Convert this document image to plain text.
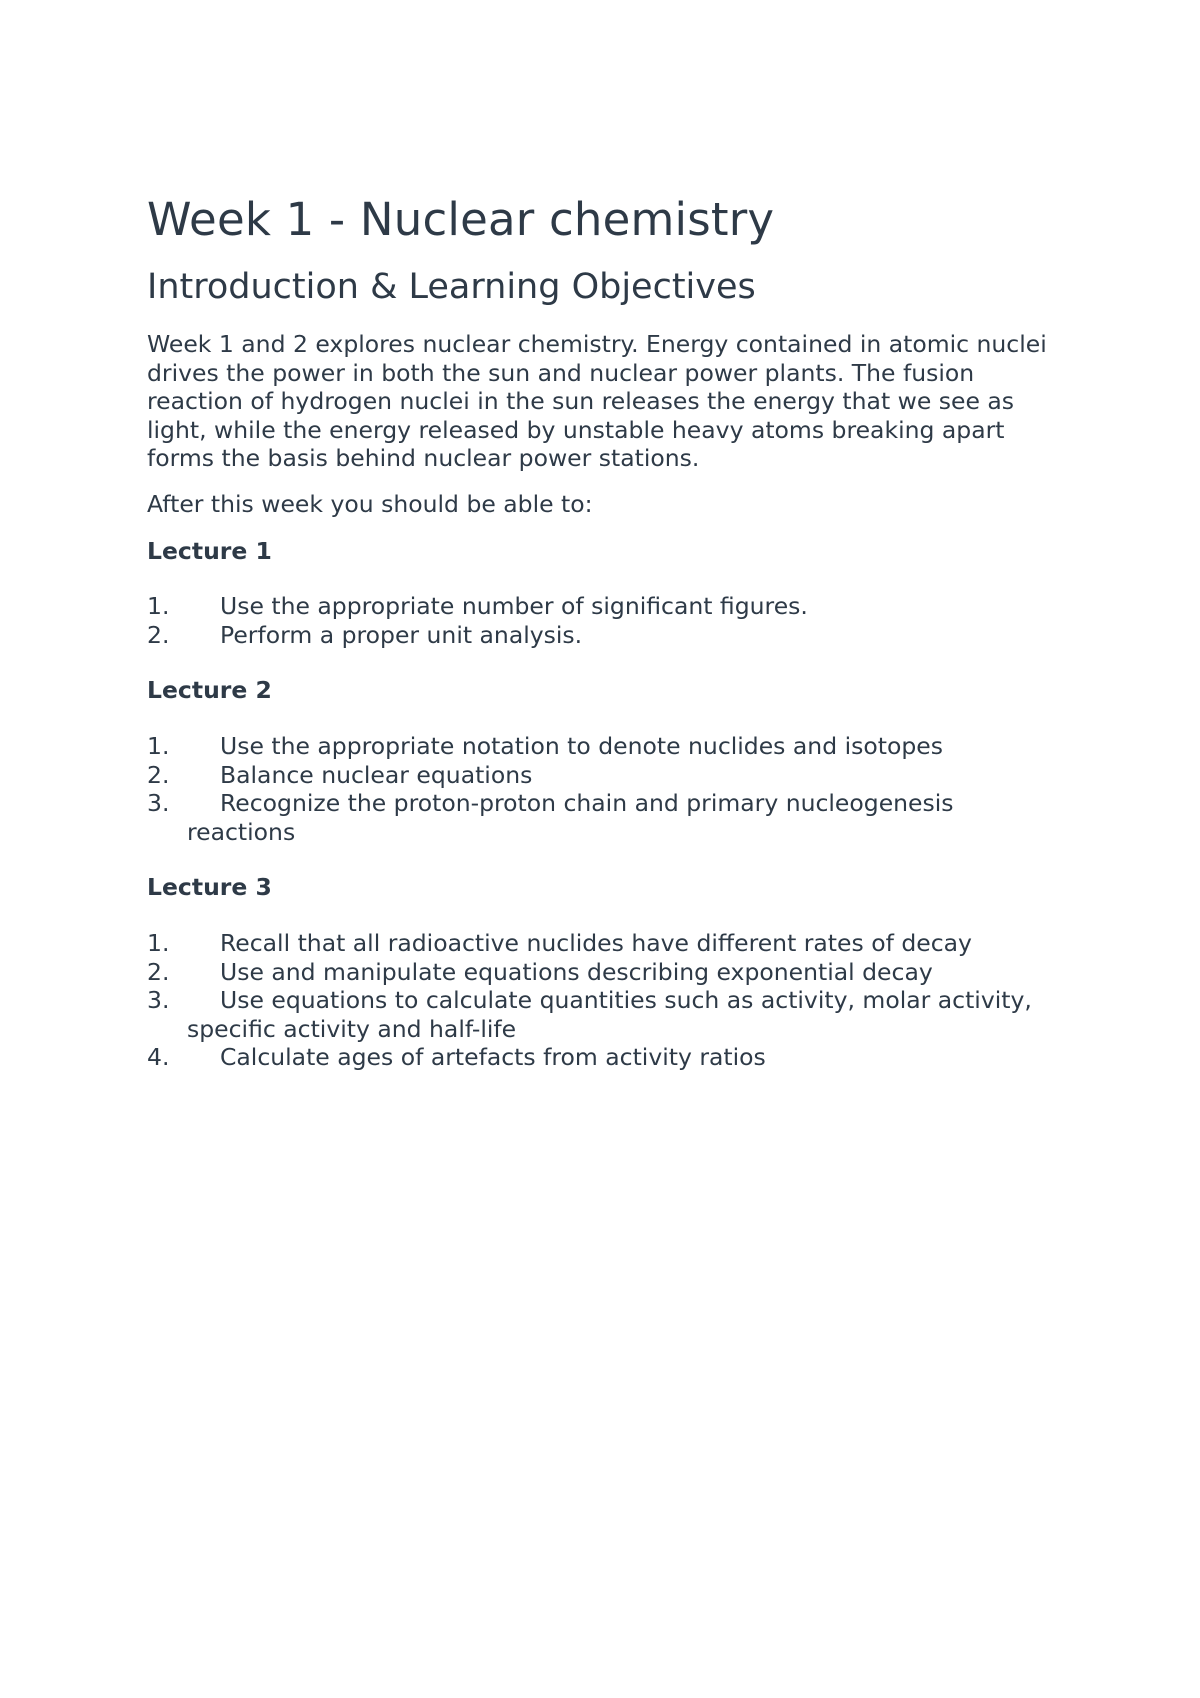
Week 1 - Nuclear chemistry
Introduction & Learning Objectives

Week 1 and 2 explores nuclear chemistry. Energy contained in atomic nuclei drives the power in both the sun and nuclear power plants. The fusion reaction of hydrogen nuclei in the sun releases the energy that we see as light, while the energy released by unstable heavy atoms breaking apart forms the basis behind nuclear power stations.

After this week you should be able to:

Lecture 1
1. Use the appropriate number of significant figures.
2. Perform a proper unit analysis.
Lecture 2
1. Use the appropriate notation to denote nuclides and isotopes
2. Balance nuclear equations
3. Recognize the proton-proton chain and primary nucleogenesis reactions
Lecture 3
1. Recall that all radioactive nuclides have different rates of decay
2. Use and manipulate equations describing exponential decay
3. Use equations to calculate quantities such as activity, molar activity, specific activity and half-life
4. Calculate ages of artefacts from activity ratios
